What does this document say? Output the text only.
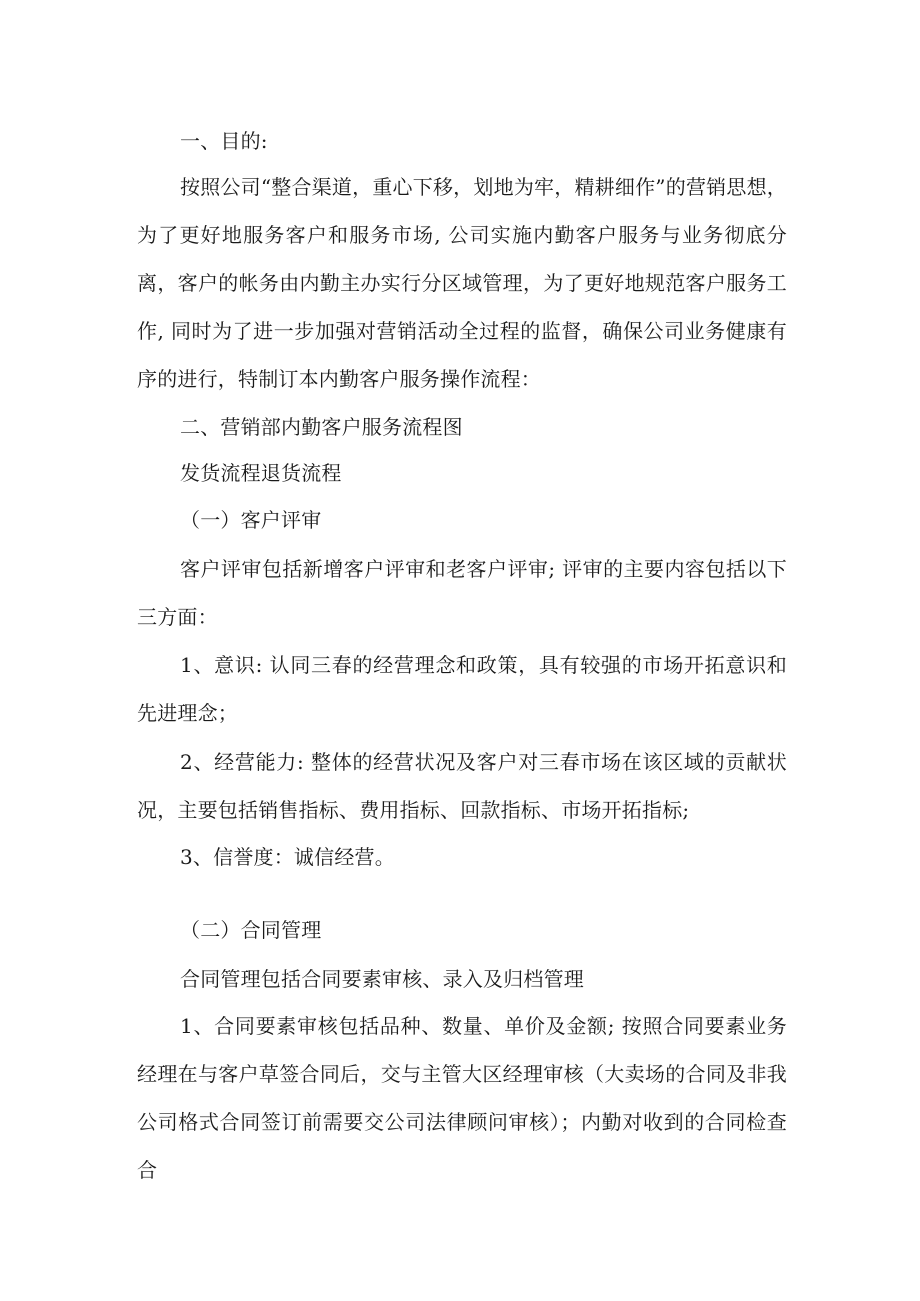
一、目的:

按照公司“整合渠道，重心下移，划地为牢，精耕细作”的营销思想，为了更好地服务客户和服务市场, 公司实施内勤客户服务与业务彻底分离，客户的帐务由内勤主办实行分区域管理，为了更好地规范客户服务工作, 同时为了进一步加强对营销活动全过程的监督，确保公司业务健康有序的进行，特制订本内勤客户服务操作流程：

二、营销部内勤客户服务流程图

发货流程退货流程

（一）客户评审

客户评审包括新增客户评审和老客户评审; 评审的主要内容包括以下三方面：

1、意识: 认同三春的经营理念和政策，具有较强的市场开拓意识和先进理念；

2、经营能力: 整体的经营状况及客户对三春市场在该区域的贡献状况，主要包括销售指标、费用指标、回款指标、市场开拓指标;

3、信誉度：诚信经营。

（二）合同管理

合同管理包括合同要素审核、录入及归档管理

1、合同要素审核包括品种、数量、单价及金额; 按照合同要素业务经理在与客户草签合同后，交与主管大区经理审核（大卖场的合同及非我公司格式合同签订前需要交公司法律顾问审核）；内勤对收到的合同检查合
